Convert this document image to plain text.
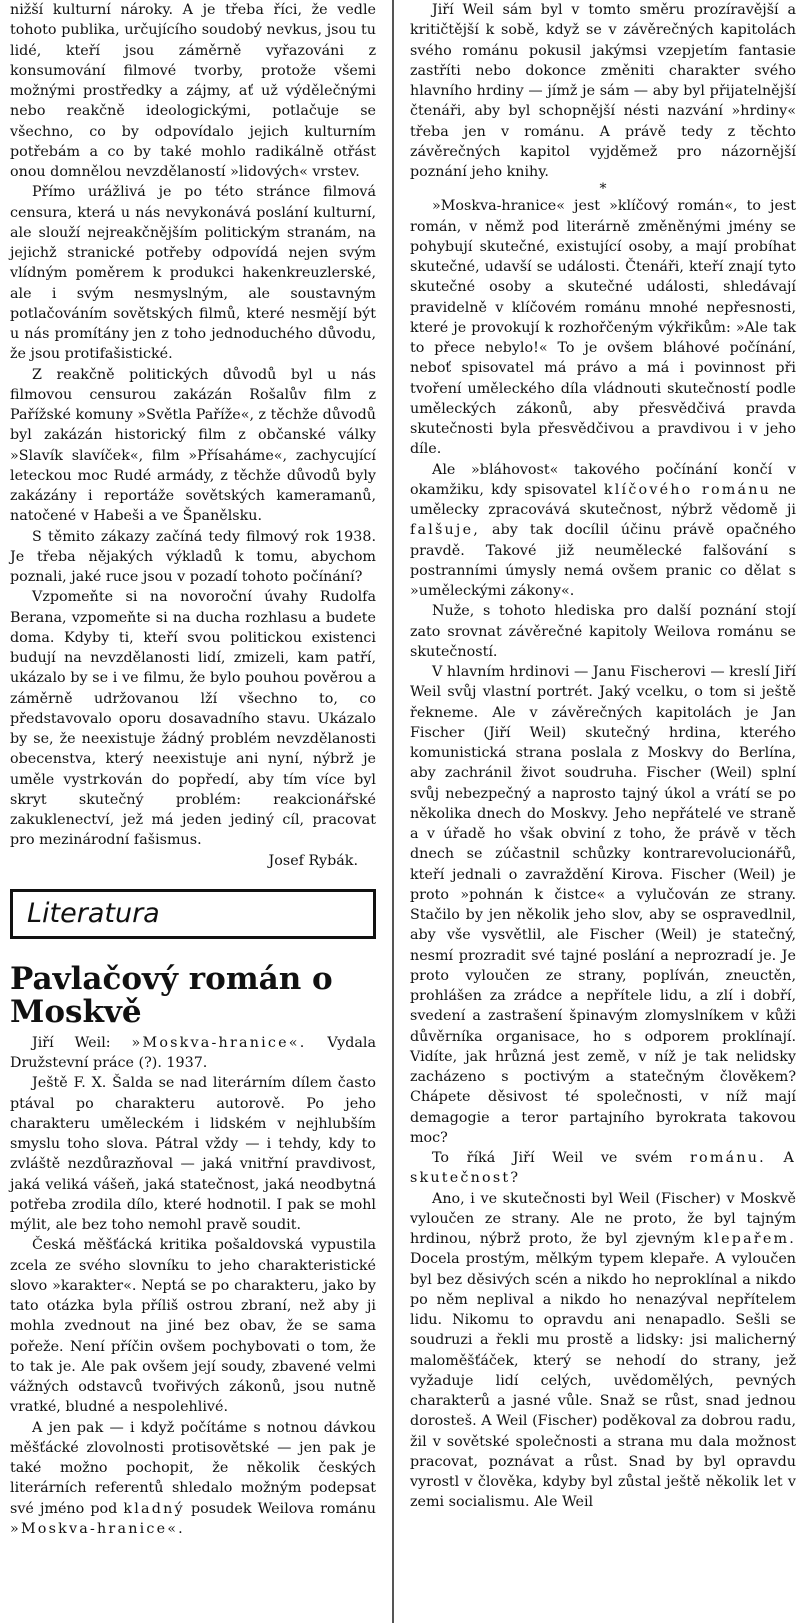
nižší kulturní nároky. A je třeba říci, že vedle tohoto publika, určujícího soudobý nevkus, jsou tu lidé, kteří jsou záměrně vyřazováni z konsumování filmové tvorby, protože všemi možnými prostředky a zájmy, ať už výdělečnými nebo reakčně ideologickými, potlačuje se všechno, co by odpovídalo jejich kulturním potřebám a co by také mohlo radikálně otřást onou domnělou nevzdělaností »lidových« vrstev.

Přímo urážlivá je po této stránce filmová censura, která u nás nevykonává poslání kulturní, ale slouží nejreakčnějším politickým stranám, na jejichž stranické potřeby odpovídá nejen svým vlídným poměrem k produkci hakenkreuzlerské, ale i svým nesmyslným, ale soustavným potlačováním sovětských filmů, které nesmějí být u nás promítány jen z toho jednoduchého důvodu, že jsou protifašistické.

Z reakčně politických důvodů byl u nás filmovou censurou zakázán Rošalův film z Pařížské komuny »Světla Paříže«, z těchže důvodů byl zakázán historický film z občanské války »Slavík slavíček«, film »Přísaháme«, zachycující leteckou moc Rudé armády, z těchže důvodů byly zakázány i reportáže sovětských kameramanů, natočené v Habeši a ve Španělsku.

S těmito zákazy začíná tedy filmový rok 1938. Je třeba nějakých výkladů k tomu, abychom poznali, jaké ruce jsou v pozadí tohoto počínání?

Vzpomeňte si na novoroční úvahy Rudolfa Berana, vzpomeňte si na ducha rozhlasu a budete doma. Kdyby ti, kteří svou politickou existenci budují na nevzdělanosti lidí, zmizeli, kam patří, ukázalo by se i ve filmu, že bylo pouhou pověrou a záměrně udržovanou lží všechno to, co představovalo oporu dosavadního stavu. Ukázalo by se, že neexistuje žádný problém nevzdělanosti obecenstva, který neexistuje ani nyní, nýbrž je uměle vystrkován do popředí, aby tím více byl skryt skutečný problém: reakcionářské zakuklenectví, jež má jeden jediný cíl, pracovat pro mezinárodní fašismus.

Josef Rybák.
Literatura
Pavlačový román o Moskvě

Jiří Weil: »Moskva-hranice«. Vydala Družstevní práce (?). 1937.

Ještě F. X. Šalda se nad literárním dílem často ptával po charakteru autorově. Po jeho charakteru uměleckém i lidském v nejhlubším smyslu toho slova. Pátral vždy — i tehdy, kdy to zvláště nezdůrazňoval — jaká vnitřní pravdivost, jaká veliká vášeň, jaká statečnost, jaká neodbytná potřeba zrodila dílo, které hodnotil. I pak se mohl mýlit, ale bez toho nemohl pravě soudit.

Česká měšťácká kritika pošaldovská vypustila zcela ze svého slovníku to jeho charakteristické slovo »karakter«. Neptá se po charakteru, jako by tato otázka byla příliš ostrou zbraní, než aby ji mohla zvednout na jiné bez obav, že se sama pořeže. Není příčin ovšem pochybovati o tom, že to tak je. Ale pak ovšem její soudy, zbavené velmi vážných odstavců tvořivých zákonů, jsou nutně vratké, bludné a nespolehlivé.

A jen pak — i když počítáme s notnou dávkou měšťácké zlovolnosti protisovětské — jen pak je také možno pochopit, že několik českých literárních referentů shledalo možným podepsat své jméno pod kladný posudek Weilova románu »Moskva-hranice«.

Jiří Weil sám byl v tomto směru prozíravější a kritičtější k sobě, když se v závěrečných kapitolách svého románu pokusil jakýmsi vzepjetím fantasie zastříti nebo dokonce změniti charakter svého hlavního hrdiny — jímž je sám — aby byl přijatelnější čtenáři, aby byl schopnější nésti nazvání »hrdiny« třeba jen v románu. A právě tedy z těchto závěrečných kapitol vyjděmež pro názornější poznání jeho knihy.

*

»Moskva-hranice« jest »klíčový román«, to jest román, v němž pod literárně změněnými jmény se pohybují skutečné, existující osoby, a mají probíhat skutečné, udavší se události. Čtenáři, kteří znají tyto skutečné osoby a skutečné události, shledávají pravidelně v klíčovém románu mnohé nepřesnosti, které je provokují k rozhořčeným výkřikům: »Ale tak to přece nebylo!« To je ovšem bláhové počínání, neboť spisovatel má právo a má i povinnost při tvoření uměleckého díla vládnouti skutečností podle uměleckých zákonů, aby přesvědčivá pravda skutečnosti byla přesvědčivou a pravdivou i v jeho díle.

Ale »bláhovost« takového počínání končí v okamžiku, kdy spisovatel klíčového románu ne umělecky zpracovává skutečnost, nýbrž vědomě ji falšuje, aby tak docílil účinu právě opačného pravdě. Takové již neumělecké falšování s postranními úmysly nemá ovšem pranic co dělat s »uměleckými zákony«.

Nuže, s tohoto hlediska pro další poznání stojí zato srovnat závěrečné kapitoly Weilova románu se skutečností.

V hlavním hrdinovi — Janu Fischerovi — kreslí Jiří Weil svůj vlastní portrét. Jaký vcelku, o tom si ještě řekneme. Ale v závěrečných kapitolách je Jan Fischer (Jiří Weil) skutečný hrdina, kterého komunistická strana poslala z Moskvy do Berlína, aby zachránil život soudruha. Fischer (Weil) splní svůj nebezpečný a naprosto tajný úkol a vrátí se po několika dnech do Moskvy. Jeho nepřátelé ve straně a v úřadě ho však obviní z toho, že právě v těch dnech se zúčastnil schůzky kontrarevolucionářů, kteří jednali o zavraždění Kirova. Fischer (Weil) je proto »pohnán k čistce« a vylučován ze strany. Stačilo by jen několik jeho slov, aby se ospravedlnil, aby vše vysvětlil, ale Fischer (Weil) je statečný, nesmí prozradit své tajné poslání a neprozradí je. Je proto vyloučen ze strany, poplíván, zneuctěn, prohlášen za zrádce a nepřítele lidu, a zlí i dobří, svedení a zastrašení špinavým zlomyslníkem v kůži důvěrníka organisace, ho s odporem proklínají. Vidíte, jak hrůzná jest země, v níž je tak nelidsky zacházeno s poctivým a statečným člověkem? Chápete děsivost té společnosti, v níž mají demagogie a teror partajního byrokrata takovou moc?

To říká Jiří Weil ve svém románu. A skutečnost?

Ano, i ve skutečnosti byl Weil (Fischer) v Moskvě vyloučen ze strany. Ale ne proto, že byl tajným hrdinou, nýbrž proto, že byl zjevným klepařem. Docela prostým, mělkým typem klepaře. A vyloučen byl bez děsivých scén a nikdo ho neproklínal a nikdo po něm neplival a nikdo ho nenazýval nepřítelem lidu. Nikomu to opravdu ani nenapadlo. Sešli se soudruzi a řekli mu prostě a lidsky: jsi malicherný maloměšťáček, který se nehodí do strany, jež vyžaduje lidí celých, uvědomělých, pevných charakterů a jasné vůle. Snaž se růst, snad jednou dorosteš. A Weil (Fischer) poděkoval za dobrou radu, žil v sovětské společnosti a strana mu dala možnost pracovat, poznávat a růst. Snad by byl opravdu vyrostl v člověka, kdyby byl zůstal ještě několik let v zemi socialismu. Ale Weil
